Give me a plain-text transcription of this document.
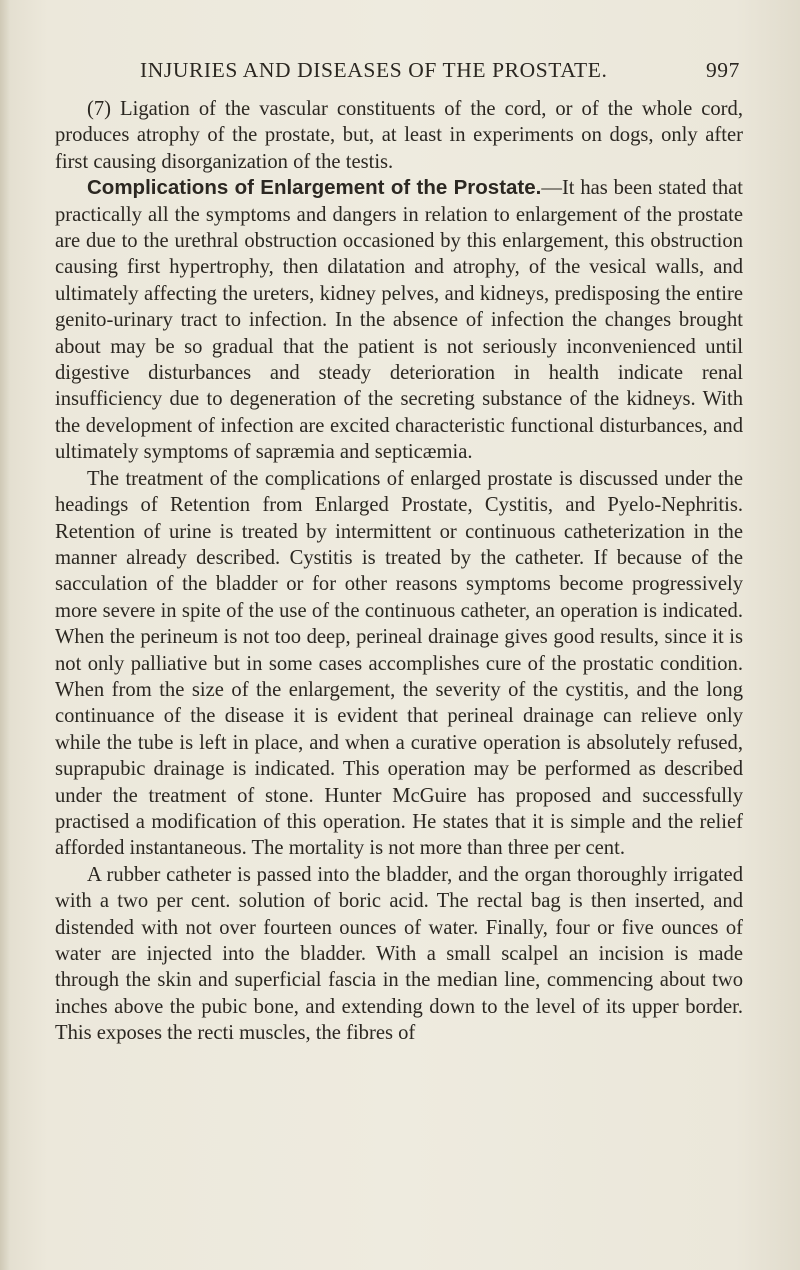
INJURIES AND DISEASES OF THE PROSTATE.	997

(7) Ligation of the vascular constituents of the cord, or of the whole cord, produces atrophy of the prostate, but, at least in experiments on dogs, only after first causing disorganization of the testis.

Complications of Enlargement of the Prostate.—It has been stated that practically all the symptoms and dangers in relation to enlargement of the prostate are due to the urethral obstruction occasioned by this enlargement, this obstruction causing first hypertrophy, then dilatation and atrophy, of the vesical walls, and ultimately affecting the ureters, kidney pelves, and kidneys, predisposing the entire genito-urinary tract to infection. In the absence of infection the changes brought about may be so gradual that the patient is not seriously inconvenienced until digestive disturbances and steady deterioration in health indicate renal insufficiency due to degeneration of the secreting substance of the kidneys. With the development of infection are excited characteristic functional disturbances, and ultimately symptoms of sapræmia and septicæmia.

The treatment of the complications of enlarged prostate is discussed under the headings of Retention from Enlarged Prostate, Cystitis, and Pyelo-Nephritis. Retention of urine is treated by intermittent or continuous catheterization in the manner already described. Cystitis is treated by the catheter. If because of the sacculation of the bladder or for other reasons symptoms become progressively more severe in spite of the use of the continuous catheter, an operation is indicated. When the perineum is not too deep, perineal drainage gives good results, since it is not only palliative but in some cases accomplishes cure of the prostatic condition. When from the size of the enlargement, the severity of the cystitis, and the long continuance of the disease it is evident that perineal drainage can relieve only while the tube is left in place, and when a curative operation is absolutely refused, suprapubic drainage is indicated. This operation may be performed as described under the treatment of stone. Hunter McGuire has proposed and successfully practised a modification of this operation. He states that it is simple and the relief afforded instantaneous. The mortality is not more than three per cent.

A rubber catheter is passed into the bladder, and the organ thoroughly irrigated with a two per cent. solution of boric acid. The rectal bag is then inserted, and distended with not over fourteen ounces of water. Finally, four or five ounces of water are injected into the bladder. With a small scalpel an incision is made through the skin and superficial fascia in the median line, commencing about two inches above the pubic bone, and extending down to the level of its upper border. This exposes the recti muscles, the fibres of
